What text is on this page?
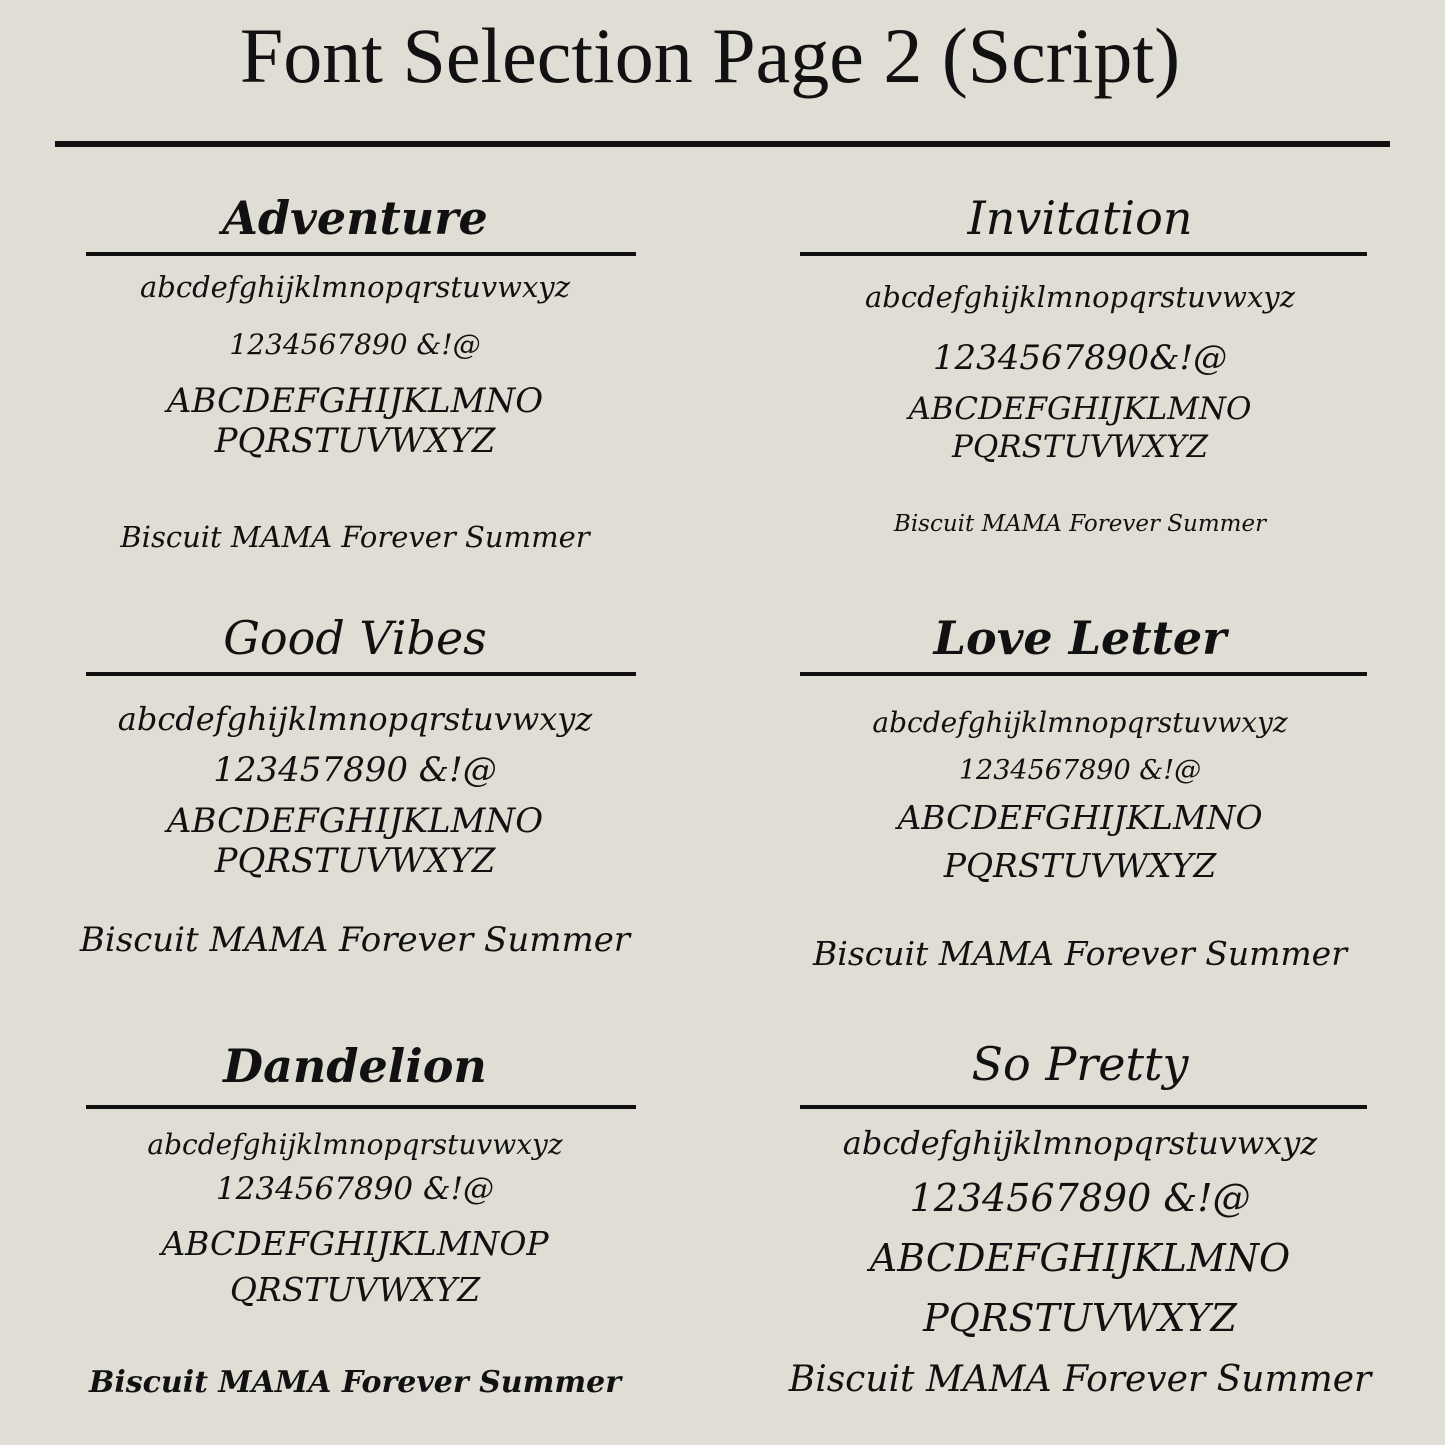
Font Selection Page 2 (Script)
Adventure
abcdefghijklmnopqrstuvwxyz
1234567890 &!@
ABCDEFGHIJKLMNO
PQRSTUVWXYZ
Biscuit MAMA Forever Summer
Invitation
abcdefghijklmnopqrstuvwxyz
1234567890&!@
ABCDEFGHIJKLMNO
PQRSTUVWXYZ
Biscuit MAMA Forever Summer
Good Vibes
abcdefghijklmnopqrstuvwxyz
123457890 &!@
ABCDEFGHIJKLMNO
PQRSTUVWXYZ
Biscuit MAMA Forever Summer
Love Letter
abcdefghijklmnopqrstuvwxyz
1234567890 &!@
ABCDEFGHIJKLMNO
PQRSTUVWXYZ
Biscuit MAMA Forever Summer
Dandelion
abcdefghijklmnopqrstuvwxyz
1234567890 &!@
ABCDEFGHIJKLMNOP
QRSTUVWXYZ
Biscuit MAMA Forever Summer
So Pretty
abcdefghijklmnopqrstuvwxyz
1234567890 &!@
ABCDEFGHIJKLMNO
PQRSTUVWXYZ
Biscuit MAMA Forever Summer
